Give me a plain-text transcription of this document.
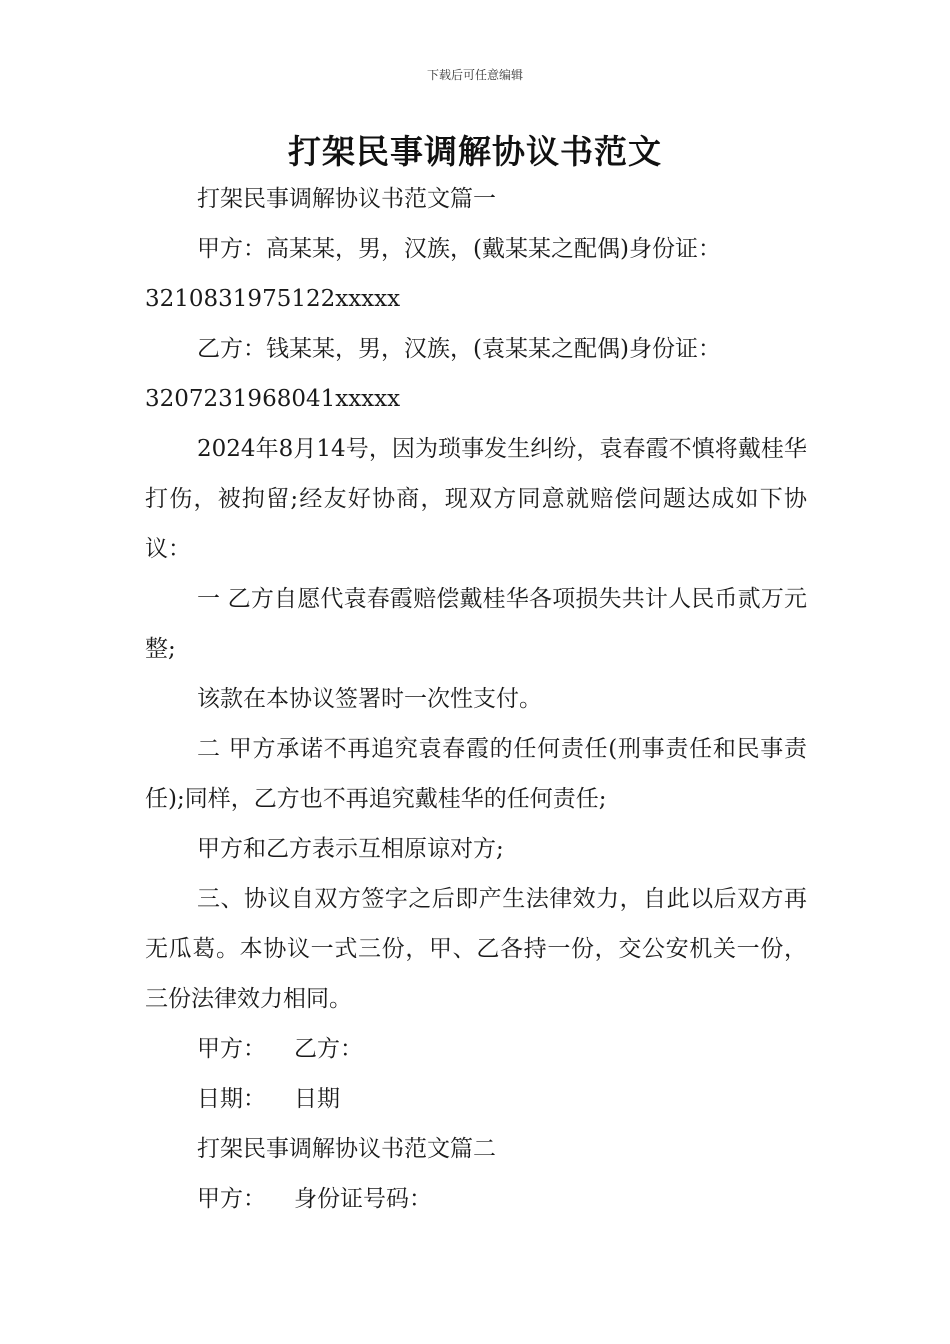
下载后可任意编辑
打架民事调解协议书范文

打架民事调解协议书范文篇一

甲方：高某某，男，汉族，(戴某某之配偶)身份证：

3210831975122xxxxx

乙方：钱某某，男，汉族，(袁某某之配偶)身份证：

3207231968041xxxxx

2024年8月14号，因为琐事发生纠纷，袁春霞不慎将戴桂华打伤，被拘留;经友好协商，现双方同意就赔偿问题达成如下协议：

一 乙方自愿代袁春霞赔偿戴桂华各项损失共计人民币贰万元整;

该款在本协议签署时一次性支付。

二 甲方承诺不再追究袁春霞的任何责任(刑事责任和民事责任);同样，乙方也不再追究戴桂华的任何责任;

甲方和乙方表示互相原谅对方;

三、协议自双方签字之后即产生法律效力，自此以后双方再无瓜葛。本协议一式三份，甲、乙各持一份，交公安机关一份，三份法律效力相同。

甲方： 乙方：

日期： 日期

打架民事调解协议书范文篇二

甲方： 身份证号码：
